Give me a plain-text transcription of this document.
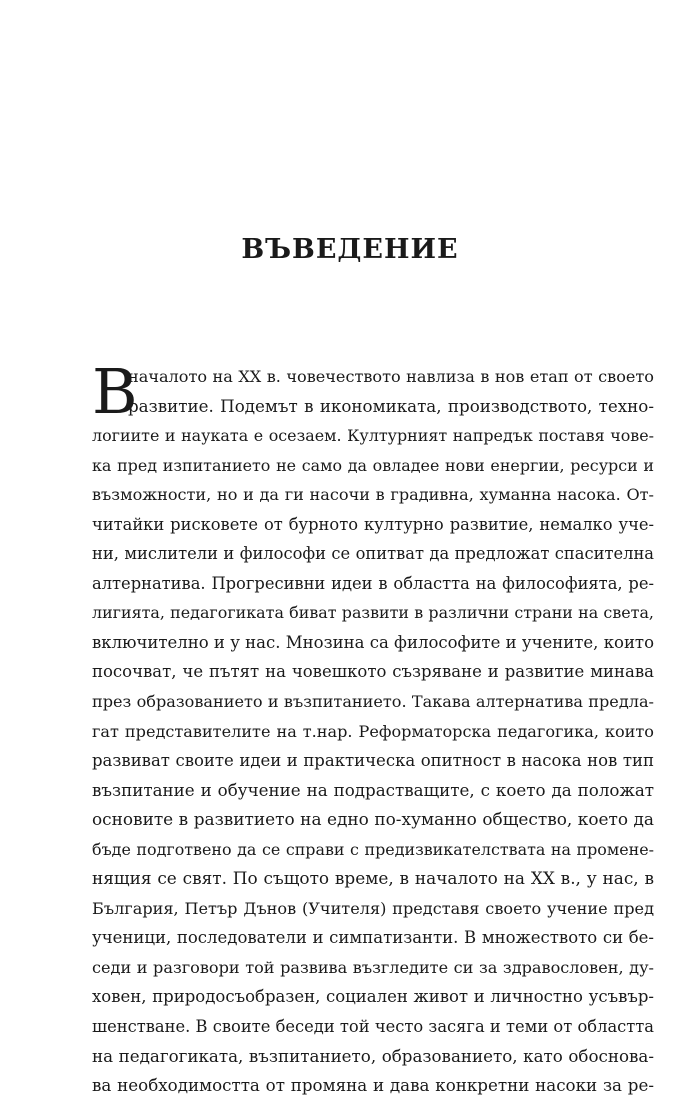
ВЪВЕДЕНИЕ
В
началото на ХХ в. човечеството навлиза в нов етап от своето
развитие. Подемът в икономиката, производството, техно-
логиите и науката е осезаем. Културният напредък поставя чове-
ка пред изпитанието не само да овладее нови енергии, ресурси и
възможности, но и да ги насочи в градивна, хуманна насока. От-
читайки рисковете от бурното културно развитие, немалко уче-
ни, мислители и философи се опитват да предложат спасителна
алтернатива. Прогресивни идеи в областта на философията, ре-
лигията, педагогиката биват развити в различни страни на света,
включително и у нас. Мнозина са философите и учените, които
посочват, че пътят на човешкото съзряване и развитие минава
през образованието и възпитанието. Такава алтернатива предла-
гат представителите на т.нар. Реформаторска педагогика, които
развиват своите идеи и практическа опитност в насока нов тип
възпитание и обучение на подрастващите, с което да положат
основите в развитието на едно по-хуманно общество, което да
бъде подготвено да се справи с предизвикателствата на промене-
нящия се свят. По същото време, в началото на ХХ в., у нас, в
България, Петър Дънов (Учителя) представя своето учение пред
ученици, последователи и симпатизанти. В множеството си бе-
седи и разговори той развива възгледите си за здравословен, ду-
ховен, природосъобразен, социален живот и личностно усъвър-
шенстване. В своите беседи той често засяга и теми от областта
на педагогиката, възпитанието, образованието, като обоснова-
ва необходимостта от промяна и дава конкретни насоки за ре-
